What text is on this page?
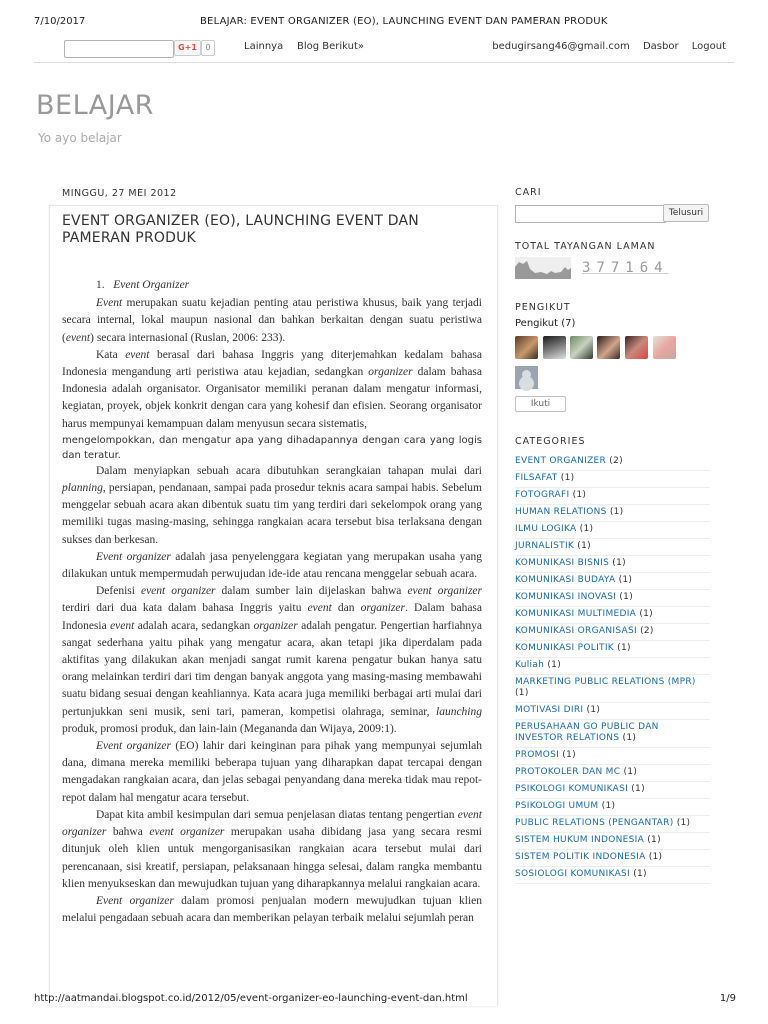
7/10/2017	BELAJAR: EVENT ORGANIZER (EO), LAUNCHING EVENT DAN PAMERAN PRODUK
G+1	0	Lainnya Blog Berikut»	bedugirsang46@gmail.com Dasbor Logout
BELAJAR
Yo ayo belajar
MINGGU, 27 MEI 2012
EVENT ORGANIZER (EO), LAUNCHING EVENT DAN PAMERAN PRODUK
1. Event Organizer

Event merupakan suatu kejadian penting atau peristiwa khusus, baik yang terjadi secara internal, lokal maupun nasional dan bahkan berkaitan dengan suatu peristiwa (event) secara internasional (Ruslan, 2006: 233).

Kata event berasal dari bahasa Inggris yang diterjemahkan kedalam bahasa Indonesia mengandung arti peristiwa atau kejadian, sedangkan organizer dalam bahasa Indonesia adalah organisator. Organisator memiliki peranan dalam mengatur informasi, kegiatan, proyek, objek konkrit dengan cara yang kohesif dan efisien. Seorang organisator harus mempunyai kemampuan dalam menyusun secara sistematis,

mengelompokkan, dan mengatur apa yang dihadapannya dengan cara yang logis dan teratur.

Dalam menyiapkan sebuah acara dibutuhkan serangkaian tahapan mulai dari planning, persiapan, pendanaan, sampai pada prosedur teknis acara sampai habis. Sebelum menggelar sebuah acara akan dibentuk suatu tim yang terdiri dari sekelompok orang yang memiliki tugas masing-masing, sehingga rangkaian acara tersebut bisa terlaksana dengan sukses dan berkesan.

Event organizer adalah jasa penyelenggara kegiatan yang merupakan usaha yang dilakukan untuk mempermudah perwujudan ide-ide atau rencana menggelar sebuah acara.

Defenisi event organizer dalam sumber lain dijelaskan bahwa event organizer terdiri dari dua kata dalam bahasa Inggris yaitu event dan organizer. Dalam bahasa Indonesia event adalah acara, sedangkan organizer adalah pengatur. Pengertian harfiahnya sangat sederhana yaitu pihak yang mengatur acara, akan tetapi jika diperdalam pada aktifitas yang dilakukan akan menjadi sangat rumit karena pengatur bukan hanya satu orang melainkan terdiri dari tim dengan banyak anggota yang masing-masing membawahi suatu bidang sesuai dengan keahliannya. Kata acara juga memiliki berbagai arti mulai dari pertunjukkan seni musik, seni tari, pameran, kompetisi olahraga, seminar, launching produk, promosi produk, dan lain-lain (Megananda dan Wijaya, 2009:1).

Event organizer (EO) lahir dari keinginan para pihak yang mempunyai sejumlah dana, dimana mereka memiliki beberapa tujuan yang diharapkan dapat tercapai dengan mengadakan rangkaian acara, dan jelas sebagai penyandang dana mereka tidak mau repot-repot dalam hal mengatur acara tersebut.

Dapat kita ambil kesimpulan dari semua penjelasan diatas tentang pengertian event organizer bahwa event organizer merupakan usaha dibidang jasa yang secara resmi ditunjuk oleh klien untuk mengorganisasikan rangkaian acara tersebut mulai dari perencanaan, sisi kreatif, persiapan, pelaksanaan hingga selesai, dalam rangka membantu klien menyukseskan dan mewujudkan tujuan yang diharapkannya melalui rangkaian acara.

Event organizer dalam promosi penjualan modern mewujudkan tujuan klien melalui pengadaan sebuah acara dan memberikan pelayan terbaik melalui sejumlah peran

CARI
Telusuri
TOTAL TAYANGAN LAMAN
377164
PENGIKUT
Pengikut (7)
Ikuti
CATEGORIES
EVENT ORGANIZER (2)
FILSAFAT (1)
FOTOGRAFI (1)
HUMAN RELATIONS (1)
ILMU LOGIKA (1)
JURNALISTIK (1)
KOMUNIKASI BISNIS (1)
KOMUNIKASI BUDAYA (1)
KOMUNIKASI INOVASI (1)
KOMUNIKASI MULTIMEDIA (1)
KOMUNIKASI ORGANISASI (2)
KOMUNIKASI POLITIK (1)
Kuliah (1)
MARKETING PUBLIC RELATIONS (MPR) (1)
MOTIVASI DIRI (1)
PERUSAHAAN GO PUBLIC DAN INVESTOR RELATIONS (1)
PROMOSI (1)
PROTOKOLER DAN MC (1)
PSIKOLOGI KOMUNIKASI (1)
PSIKOLOGI UMUM (1)
PUBLIC RELATIONS (PENGANTAR) (1)
SISTEM HUKUM INDONESIA (1)
SISTEM POLITIK INDONESIA (1)
SOSIOLOGI KOMUNIKASI (1)
http://aatmandai.blogspot.co.id/2012/05/event-organizer-eo-launching-event-dan.html	1/9
